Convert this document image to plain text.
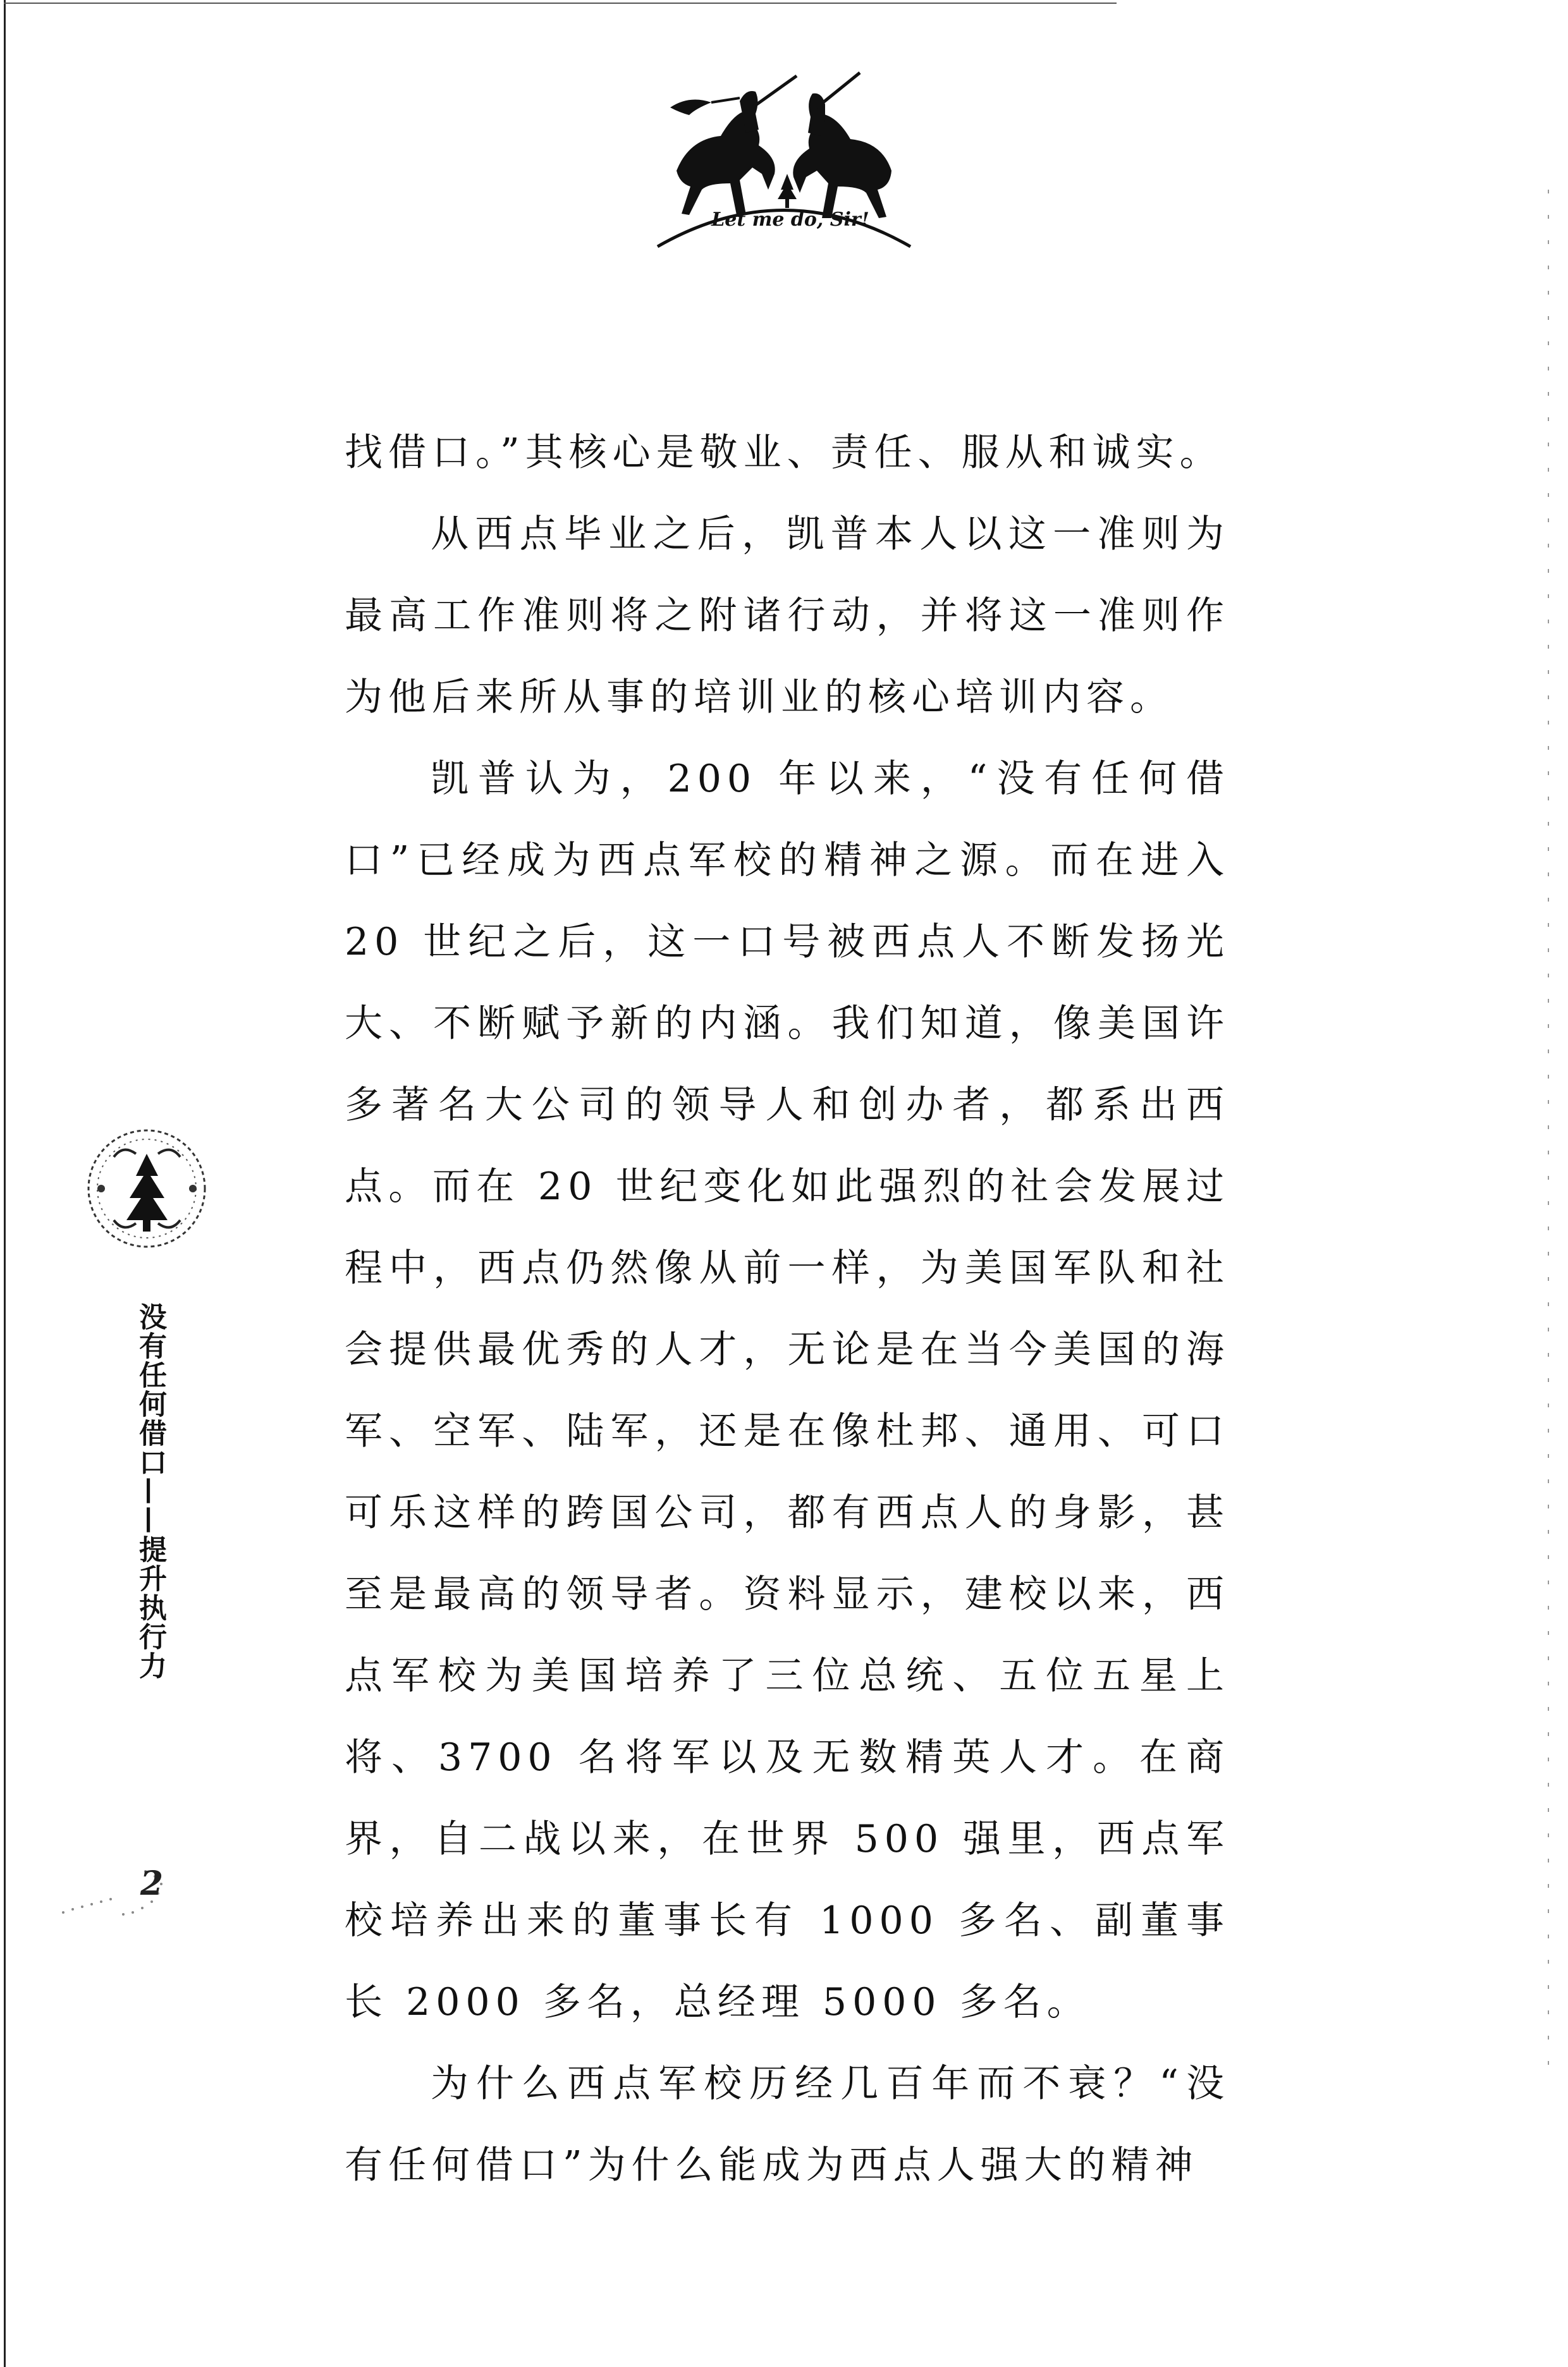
Let me do, Sir!

找借口。”其核心是敬业、责任、服从和诚实。

从西点毕业之后，凯普本人以这一准则为最高工作准则将之附诸行动，并将这一准则作为他后来所从事的培训业的核心培训内容。

凯普认为，200 年以来，“没有任何借口”已经成为西点军校的精神之源。而在进入 20 世纪之后，这一口号被西点人不断发扬光大、不断赋予新的内涵。我们知道，像美国许多著名大公司的领导人和创办者，都系出西点。而在 20 世纪变化如此强烈的社会发展过程中，西点仍然像从前一样，为美国军队和社会提供最优秀的人才，无论是在当今美国的海军、空军、陆军，还是在像杜邦、通用、可口可乐这样的跨国公司，都有西点人的身影，甚至是最高的领导者。资料显示，建校以来，西点军校为美国培养了三位总统、五位五星上将、3700 名将军以及无数精英人才。在商界，自二战以来，在世界 500 强里，西点军校培养出来的董事长有 1000 多名、副董事长 2000 多名，总经理 5000 多名。

为什么西点军校历经几百年而不衰？“没有任何借口”为什么能成为西点人强大的精神

没有任何借口——提升执行力
2
